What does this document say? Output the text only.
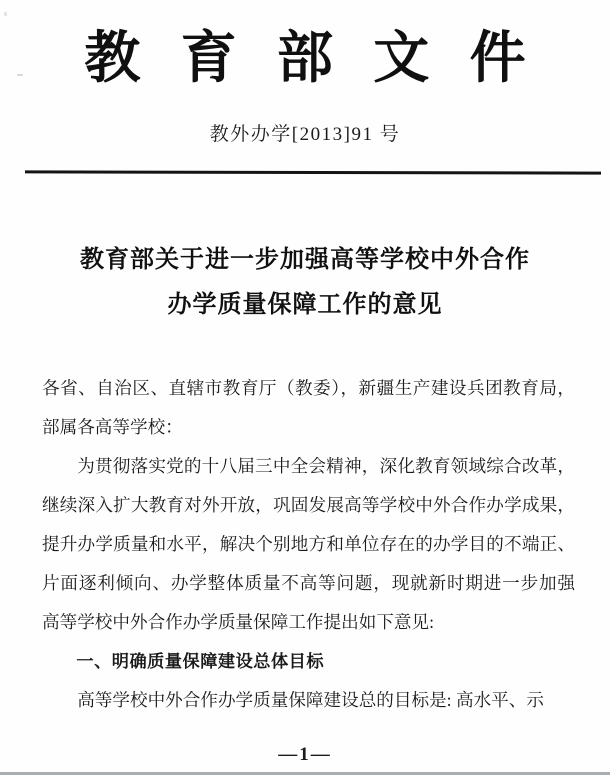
教育部文件
教外办学[2013]91 号
教育部关于进一步加强高等学校中外合作
办学质量保障工作的意见
各省、自治区、直辖市教育厅（教委），新疆生产建设兵团教育局，
部属各高等学校：
为贯彻落实党的十八届三中全会精神，深化教育领域综合改革，
继续深入扩大教育对外开放，巩固发展高等学校中外合作办学成果，
提升办学质量和水平，解决个别地方和单位存在的办学目的不端正、
片面逐利倾向、办学整体质量不高等问题，现就新时期进一步加强
高等学校中外合作办学质量保障工作提出如下意见:
一、明确质量保障建设总体目标
高等学校中外合作办学质量保障建设总的目标是: 高水平、示
—1—
